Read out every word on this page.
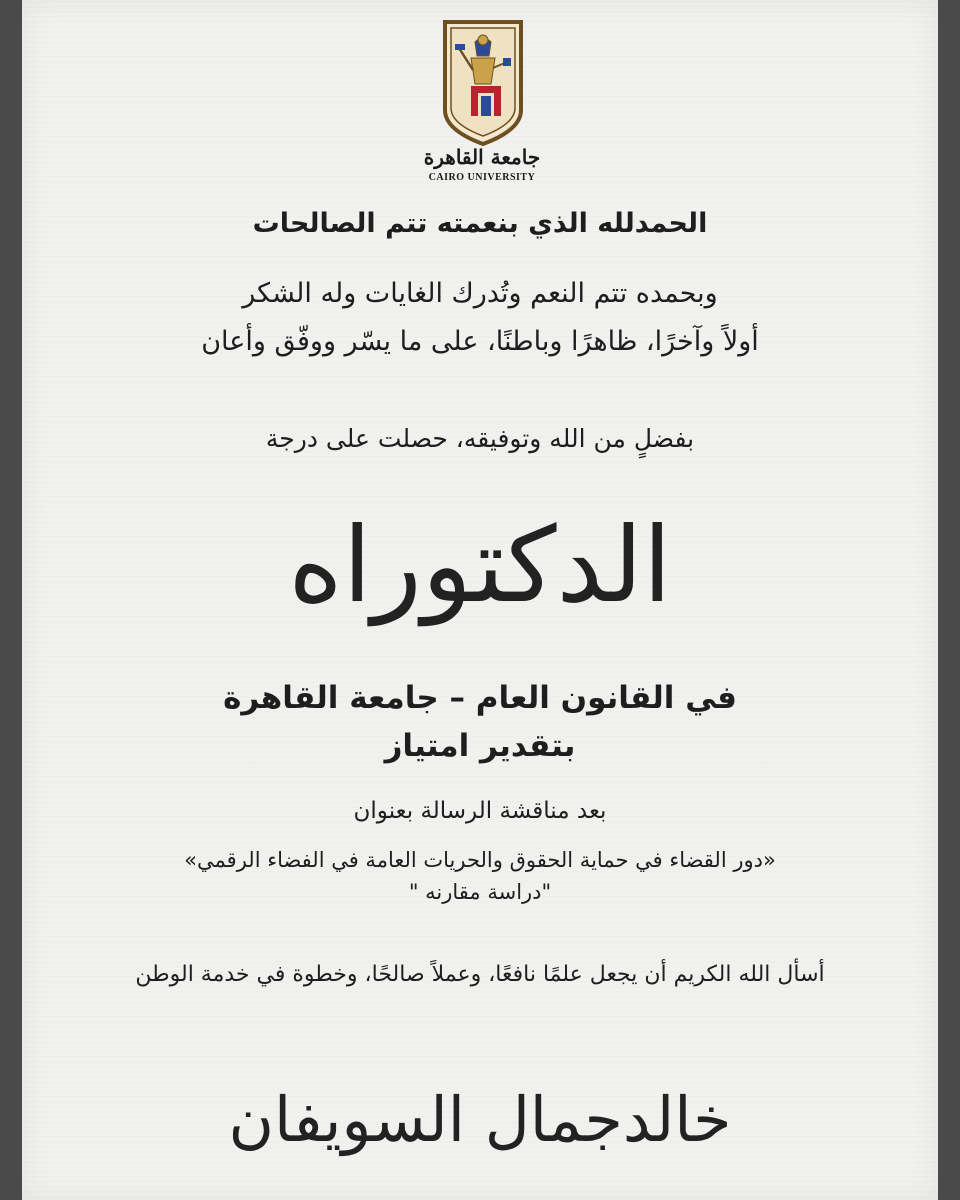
جامعة القاهرة
CAIRO UNIVERSITY
الحمدلله الذي بنعمته تتم الصالحات
وبحمده تتم النعم وتُدرك الغايات وله الشكر
أولاً وآخرًا، ظاهرًا وباطنًا، على ما يسّر ووفّق وأعان
بفضلٍ من الله وتوفيقه، حصلت على درجة
الدكتوراه
في القانون العام – جامعة القاهرة
بتقدير امتياز
بعد مناقشة الرسالة بعنوان
«دور القضاء في حماية الحقوق والحريات العامة في الفضاء الرقمي»
"دراسة مقارنه "
أسأل الله الكريم أن يجعل علمًا نافعًا، وعملاً صالحًا، وخطوة في خدمة الوطن
خالدجمال السويفان
